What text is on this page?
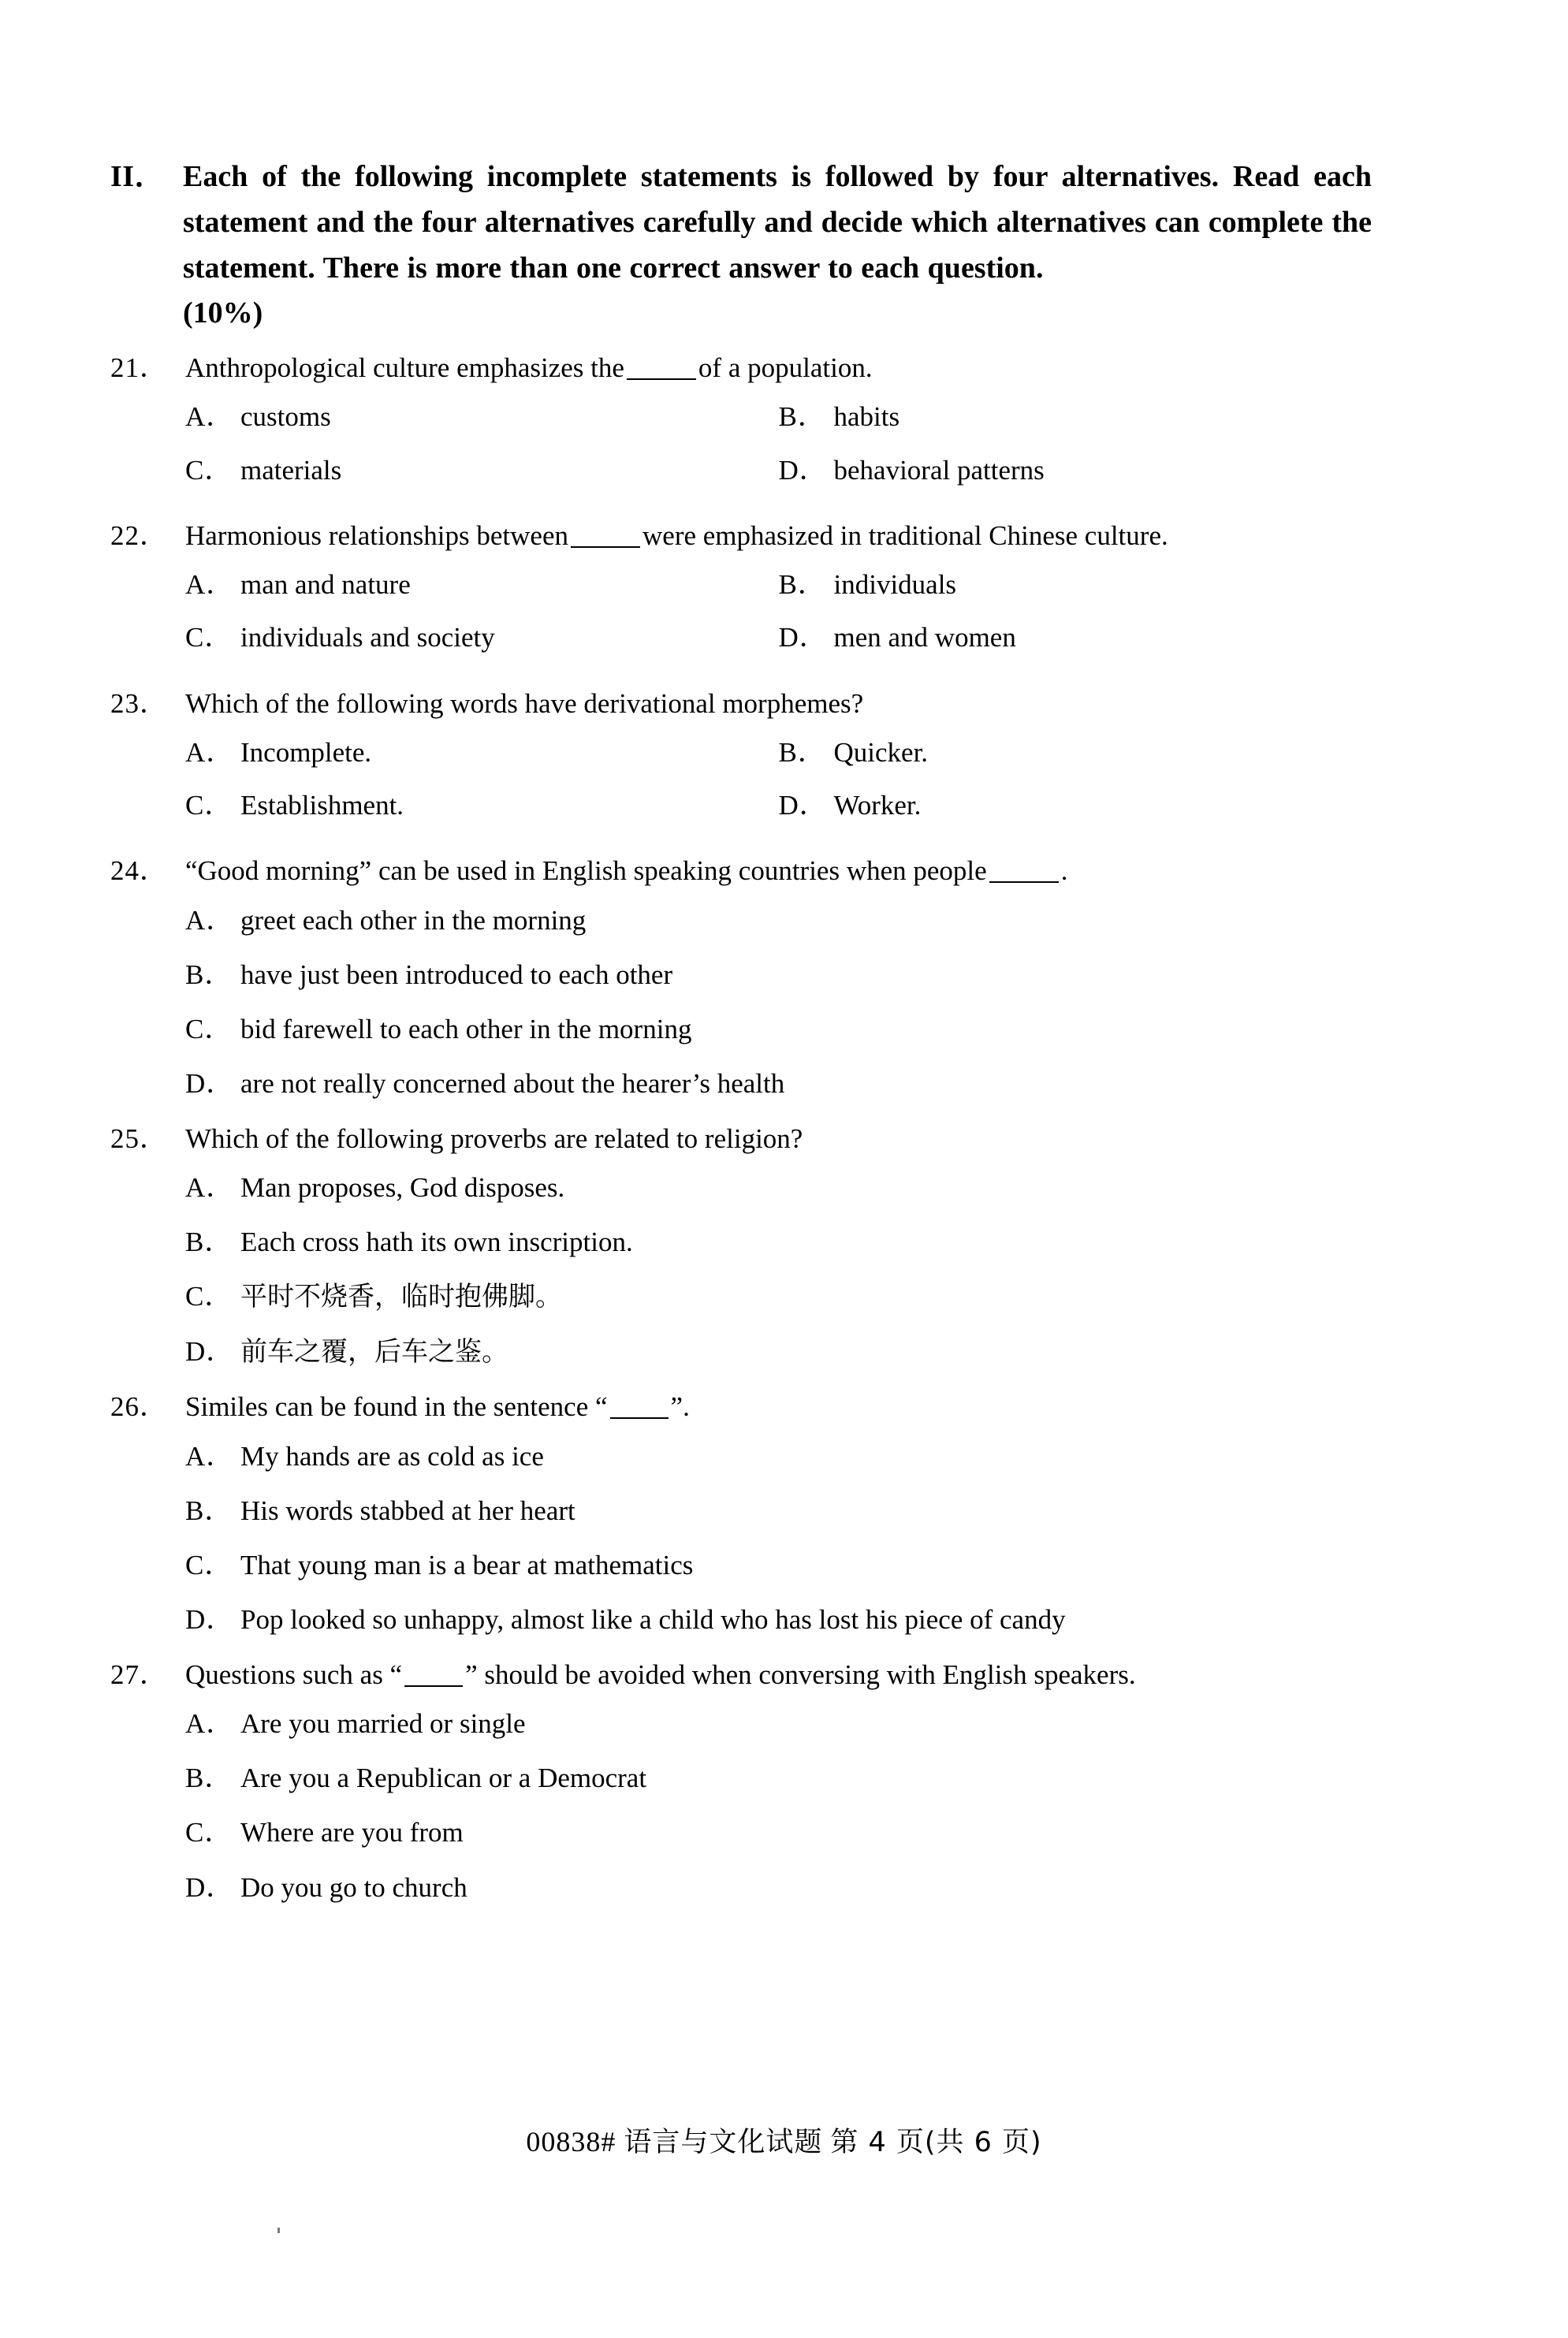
II． Each of the following incomplete statements is followed by four alternatives. Read each statement and the four alternatives carefully and decide which alternatives can complete the statement. There is more than one correct answer to each question.
(10%)
21． Anthropological culture emphasizes the	of a population.
A． customs	B． habits
C． materials	D． behavioral patterns
22． Harmonious relationships between	were emphasized in traditional Chinese culture.
A． man and nature	B． individuals
C． individuals and society	D． men and women
23． Which of the following words have derivational morphemes?
A． Incomplete.	B． Quicker.
C． Establishment.	D． Worker.
24． “Good morning” can be used in English speaking countries when people	.
A． greet each other in the morning
B． have just been introduced to each other
C． bid farewell to each other in the morning
D． are not really concerned about the hearer’s health
25． Which of the following proverbs are related to religion?
A． Man proposes, God disposes.
B． Each cross hath its own inscription.
C． 平时不烧香，临时抱佛脚。
D． 前车之覆，后车之鉴。
26． Similes can be found in the sentence “ ”.
A． My hands are as cold as ice
B． His words stabbed at her heart
C． That young man is a bear at mathematics
D． Pop looked so unhappy, almost like a child who has lost his piece of candy
27． Questions such as “ ” should be avoided when conversing with English speakers.
A． Are you married or single
B． Are you a Republican or a Democrat
C． Where are you from
D． Do you go to church
00838# 语言与文化试题 第 4 页(共 6 页)
